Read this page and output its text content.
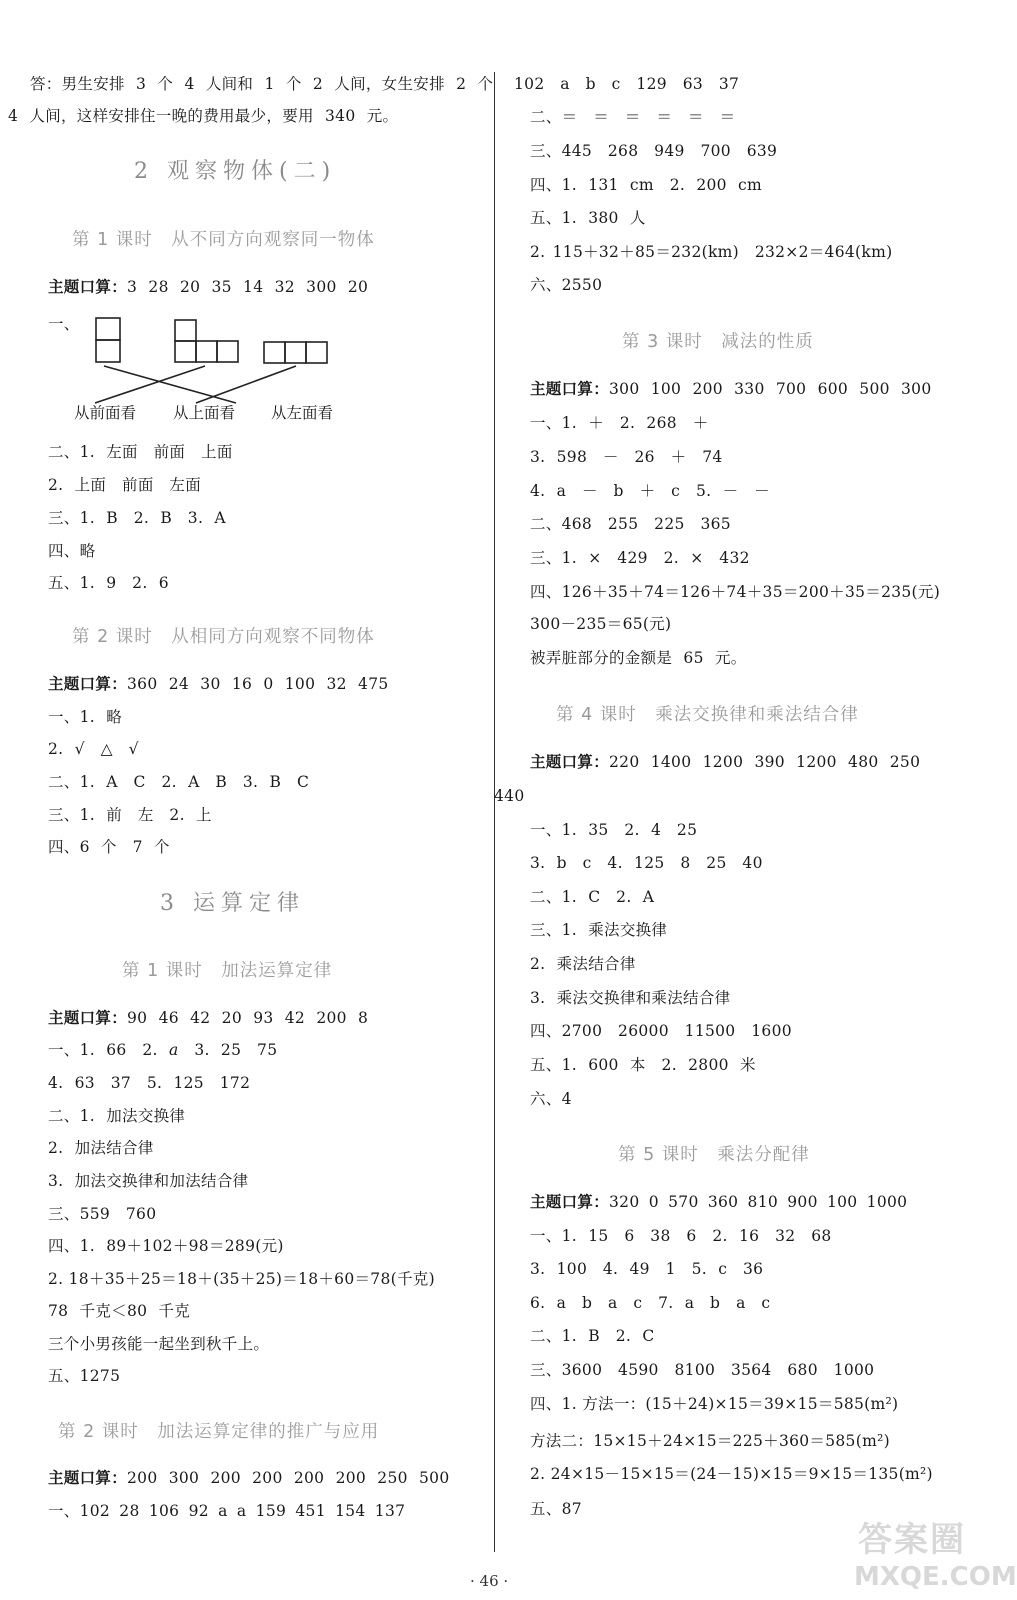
答：男生安排 3 个 4 人间和 1 个 2 人间，女生安排 2 个
4 人间，这样安排住一晚的费用最少，要用 340 元。
2 观察物体(二)
第 1 课时　从不同方向观察同一物体
主题口算：3 28 20 35 14 32 300 20
一、
从前面看 从上面看 从左面看
二、1. 左面　前面　上面
2. 上面　前面　左面
三、1. B　2. B　3. A
四、略
五、1. 9　2. 6
第 2 课时　从相同方向观察不同物体
主题口算：360 24 30 16 0 100 32 475
一、1. 略
2. √　△　√
二、1. A　C　2. A　B　3. B　C
三、1. 前　左　2. 上
四、6 个　7 个
3 运算定律
第 1 课时　加法运算定律
主题口算：90 46 42 20 93 42 200 8
一、1. 66　2. a　3. 25　75
4. 63　37　5. 125　172
二、1. 加法交换律
2. 加法结合律
3. 加法交换律和加法结合律
三、559　760
四、1. 89＋102＋98＝289(元)
2. 18＋35＋25＝18＋(35＋25)＝18＋60＝78(千克)
78 千克＜80 千克
三个小男孩能一起坐到秋千上。
五、1275
第 2 课时　加法运算定律的推广与应用
主题口算：200 300 200 200 200 200 250 500
一、102 28 106 92 a a 159 451 154 137
102　a　b　c　129　63　37
二、＝　＝　＝　＝　＝　＝
三、445　268　949　700　639
四、1. 131 cm　2. 200 cm
五、1. 380 人
2. 115＋32＋85＝232(km)　232×2＝464(km)
六、2550
第 3 课时　减法的性质
主题口算：300 100 200 330 700 600 500 300
一、1. ＋　2. 268　＋
3. 598　－　26　＋　74
4. a　－　b　＋　c　5. －　－
二、468　255　225　365
三、1. ×　429　2. ×　432
四、126＋35＋74＝126＋74＋35＝200＋35＝235(元)
300－235＝65(元)
被弄脏部分的金额是 65 元。
第 4 课时　乘法交换律和乘法结合律
主题口算：220 1400 1200 390 1200 480 250
440
一、1. 35　2. 4　25
3. b　c　4. 125　8　25　40
二、1. C　2. A
三、1. 乘法交换律
2. 乘法结合律
3. 乘法交换律和乘法结合律
四、2700　26000　11500　1600
五、1. 600 本　2. 2800 米
六、4
第 5 课时　乘法分配律
主题口算：320 0 570 360 810 900 100 1000
一、1. 15　6　38　6　2. 16　32　68
3. 100　4. 49　1　5. c　36
6. a　b　a　c　7. a　b　a　c
二、1. B　2. C
三、3600　4590　8100　3564　680　1000
四、1. 方法一：(15＋24)×15＝39×15＝585(m²)
方法二：15×15＋24×15＝225＋360＝585(m²)
2. 24×15－15×15＝(24－15)×15＝9×15＝135(m²)
五、87
· 46 ·
答案圈
MXQE.COM
